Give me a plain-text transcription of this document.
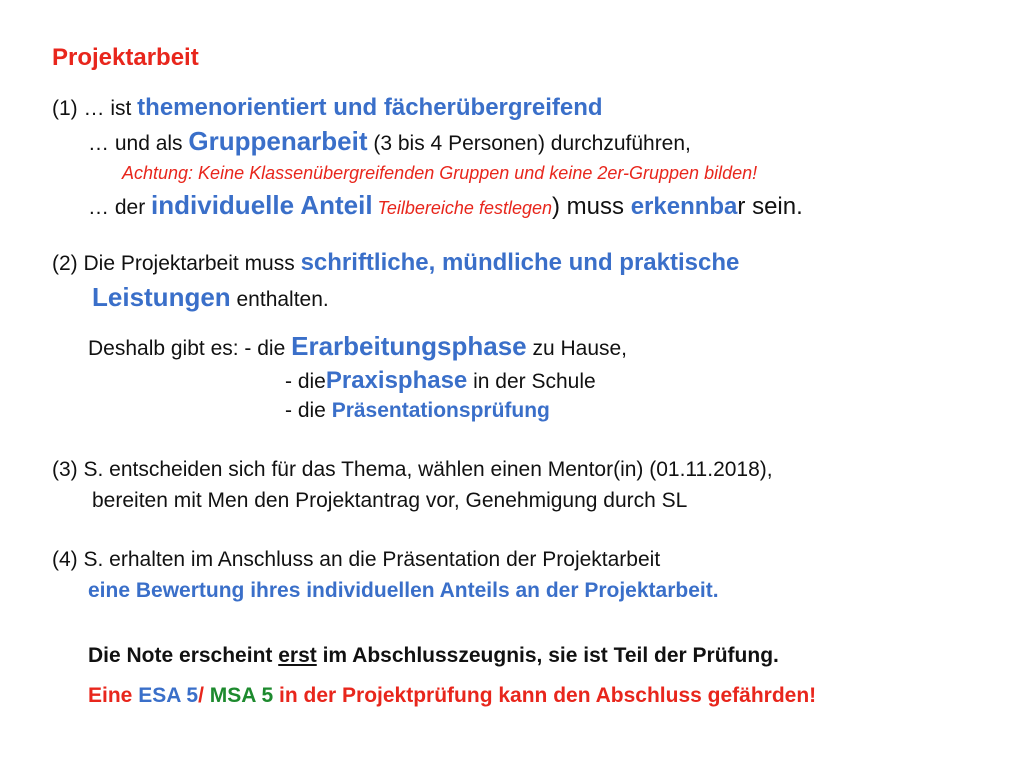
Projektarbeit
(1) … ist themenorientiert und fächerübergreifend
… und als Gruppenarbeit (3 bis 4 Personen) durchzuführen,
Achtung: Keine Klassenübergreifenden Gruppen und keine 2er-Gruppen bilden!
… der individuelle Anteil Teilbereiche festlegen) muss erkennbar sein.
(2) Die Projektarbeit muss schriftliche, mündliche und praktische
Leistungen enthalten.
Deshalb gibt es: - die Erarbeitungsphase zu Hause,
- diePraxisphase in der Schule
- die Präsentationsprüfung
(3) S. entscheiden sich für das Thema, wählen einen Mentor(in) (01.11.2018),
bereiten mit Men den Projektantrag vor, Genehmigung durch SL
(4) S. erhalten im Anschluss an die Präsentation der Projektarbeit
eine Bewertung ihres individuellen Anteils an der Projektarbeit.
Die Note erscheint erst im Abschlusszeugnis, sie ist Teil der Prüfung.
Eine ESA 5/ MSA 5 in der Projektprüfung kann den Abschluss gefährden!
